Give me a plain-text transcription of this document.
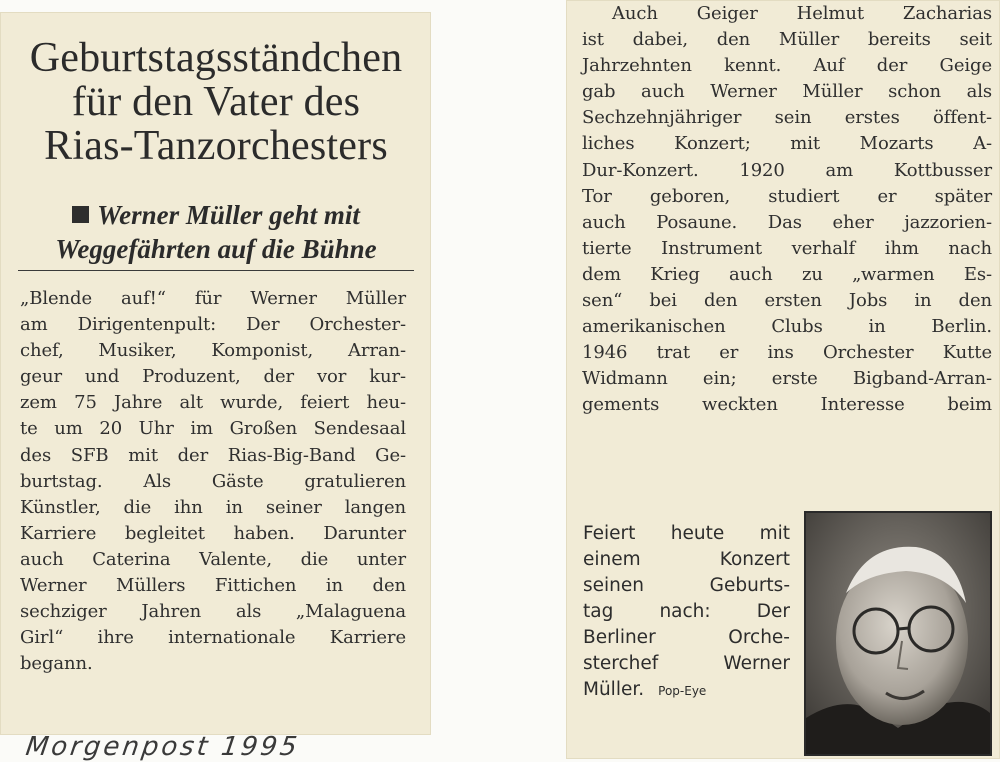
Geburtstagsständchen
für den Vater des
Rias-Tanzorchesters
Werner Müller geht mit
Weggefährten auf die Bühne

„Blende auf!“ für Werner Müller
am Dirigentenpult: Der Orchester-
chef, Musiker, Komponist, Arran-
geur und Produzent, der vor kur-
zem 75 Jahre alt wurde, feiert heu-
te um 20 Uhr im Großen Sendesaal
des SFB mit der Rias-Big-Band Ge-
burtstag. Als Gäste gratulieren
Künstler, die ihn in seiner langen
Karriere begleitet haben. Darunter
auch Caterina Valente, die unter
Werner Müllers Fittichen in den
sechziger Jahren als „Malaguena
Girl“ ihre internationale Karriere
begann.

Auch Geiger Helmut Zacharias
ist dabei, den Müller bereits seit
Jahrzehnten kennt. Auf der Geige
gab auch Werner Müller schon als
Sechzehnjähriger sein erstes öffent-
liches Konzert; mit Mozarts A-
Dur-Konzert. 1920 am Kottbusser
Tor geboren, studiert er später
auch Posaune. Das eher jazzorien-
tierte Instrument verhalf ihm nach
dem Krieg auch zu „warmen Es-
sen“ bei den ersten Jobs in den
amerikanischen Clubs in Berlin.
1946 trat er ins Orchester Kutte
Widmann ein; erste Bigband-Arran-
gements weckten Interesse beim

Feiert heute mit
einem Konzert
seinen Geburts-
tag nach: Der
Berliner Orche-
sterchef Werner
Müller. Pop-Eye

Morgenpost 1995
